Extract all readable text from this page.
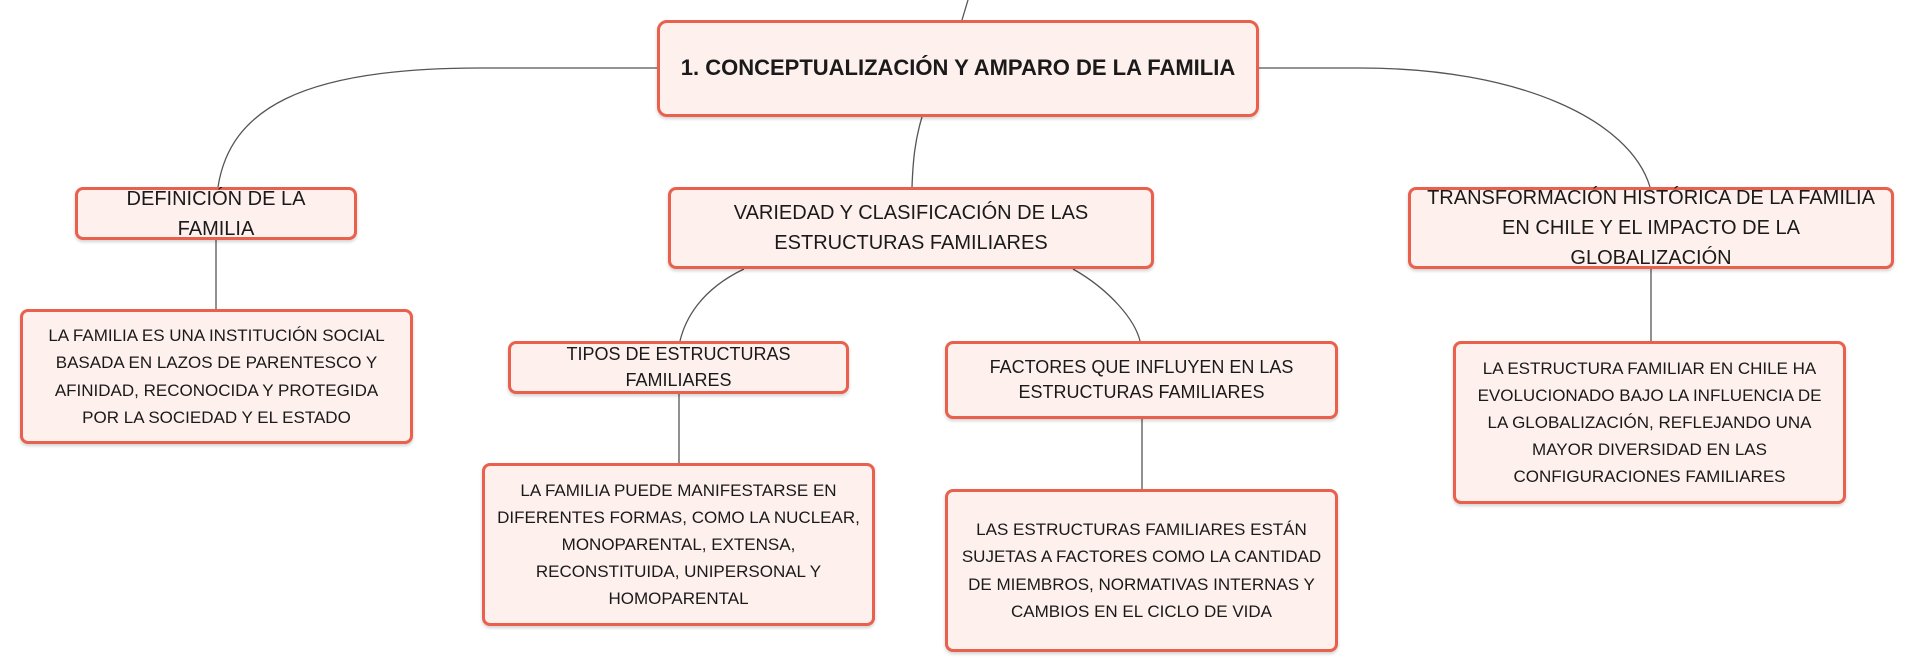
1. CONCEPTUALIZACIÓN Y AMPARO DE LA FAMILIA
DEFINICIÓN DE LA FAMILIA
VARIEDAD Y CLASIFICACIÓN DE LAS ESTRUCTURAS FAMILIARES
TRANSFORMACIÓN HISTÓRICA DE LA FAMILIA EN CHILE Y EL IMPACTO DE LA GLOBALIZACIÓN
LA FAMILIA ES UNA INSTITUCIÓN SOCIAL BASADA EN LAZOS DE PARENTESCO Y AFINIDAD, RECONOCIDA Y PROTEGIDA POR LA SOCIEDAD Y EL ESTADO
TIPOS DE ESTRUCTURAS FAMILIARES
FACTORES QUE INFLUYEN EN LAS ESTRUCTURAS FAMILIARES
LA ESTRUCTURA FAMILIAR EN CHILE HA EVOLUCIONADO BAJO LA INFLUENCIA DE LA GLOBALIZACIÓN, REFLEJANDO UNA MAYOR DIVERSIDAD EN LAS CONFIGURACIONES FAMILIARES
LA FAMILIA PUEDE MANIFESTARSE EN DIFERENTES FORMAS, COMO LA NUCLEAR, MONOPARENTAL, EXTENSA, RECONSTITUIDA, UNIPERSONAL Y HOMOPARENTAL
LAS ESTRUCTURAS FAMILIARES ESTÁN SUJETAS A FACTORES COMO LA CANTIDAD DE MIEMBROS, NORMATIVAS INTERNAS Y CAMBIOS EN EL CICLO DE VIDA
